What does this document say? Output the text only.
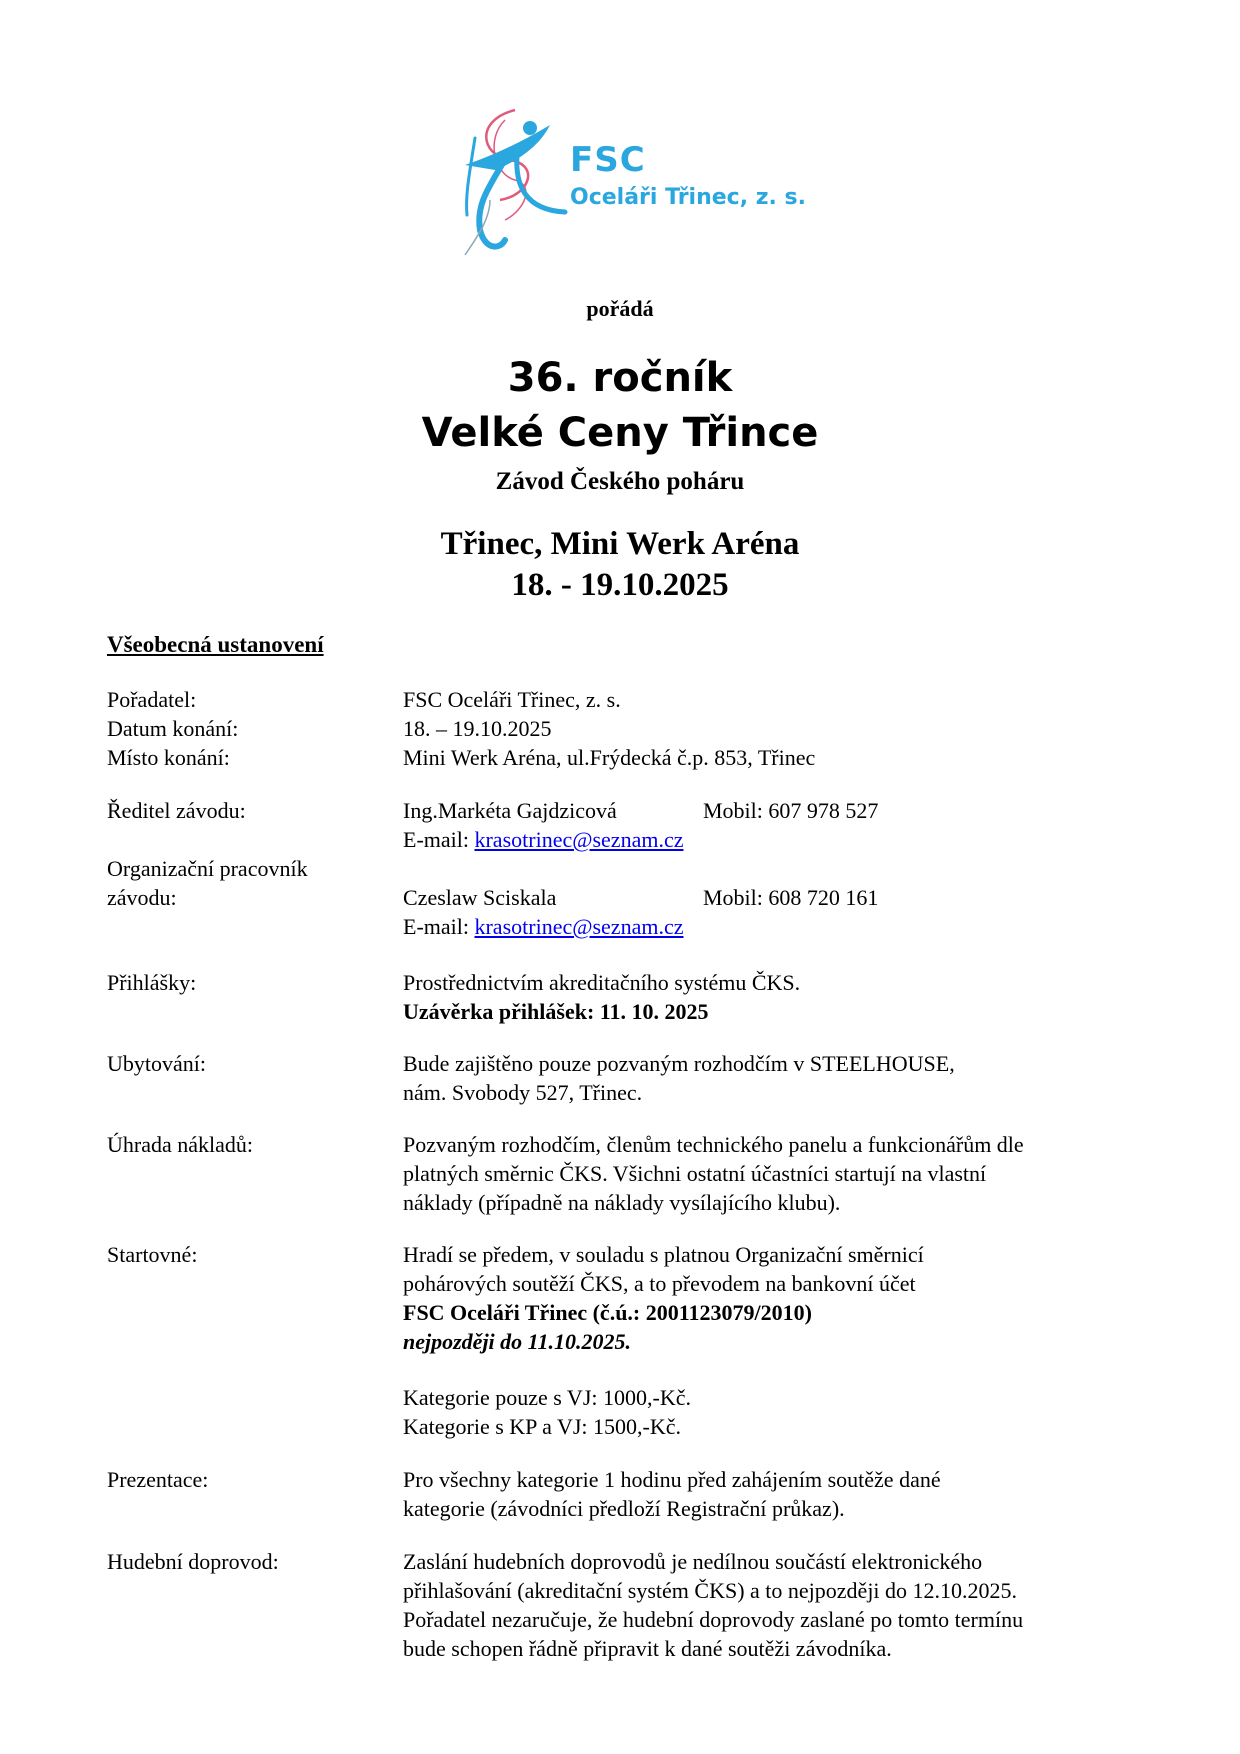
FSC
Oceláři Třinec, z. s.
pořádá
36. ročník
Velké Ceny Třince
Závod Českého poháru
Třinec, Mini Werk Aréna
18. - 19.10.2025
Všeobecná ustanovení
Pořadatel:	FSC Oceláři Třinec, z. s.
Datum konání:	18. – 19.10.2025
Místo konání:	Mini Werk Aréna, ul.Frýdecká č.p. 853, Třinec
Ředitel závodu:	Ing.Markéta Gajdzicová	Mobil: 607 978 527
E-mail: krasotrinec@seznam.cz
Organizační pracovník
závodu:	Czeslaw Sciskala	Mobil: 608 720 161
E-mail: krasotrinec@seznam.cz
Přihlášky:	Prostřednictvím akreditačního systému ČKS.
Uzávěrka přihlášek: 11. 10. 2025
Ubytování:	Bude zajištěno pouze pozvaným rozhodčím v STEELHOUSE,
nám. Svobody 527, Třinec.
Úhrada nákladů:	Pozvaným rozhodčím, členům technického panelu a funkcionářům dle
platných směrnic ČKS. Všichni ostatní účastníci startují na vlastní
náklady (případně na náklady vysílajícího klubu).
Startovné:	Hradí se předem, v souladu s platnou Organizační směrnicí
pohárových soutěží ČKS, a to převodem na bankovní účet
FSC Oceláři Třinec (č.ú.: 2001123079/2010)
nejpozději do 11.10.2025.
Kategorie pouze s VJ: 1000,-Kč.
Kategorie s KP a VJ: 1500,-Kč.
Prezentace:	Pro všechny kategorie 1 hodinu před zahájením soutěže dané
kategorie (závodníci předloží Registrační průkaz).
Hudební doprovod:	Zaslání hudebních doprovodů je nedílnou součástí elektronického
přihlašování (akreditační systém ČKS) a to nejpozději do 12.10.2025.
Pořadatel nezaručuje, že hudební doprovody zaslané po tomto termínu
bude schopen řádně připravit k dané soutěži závodníka.
